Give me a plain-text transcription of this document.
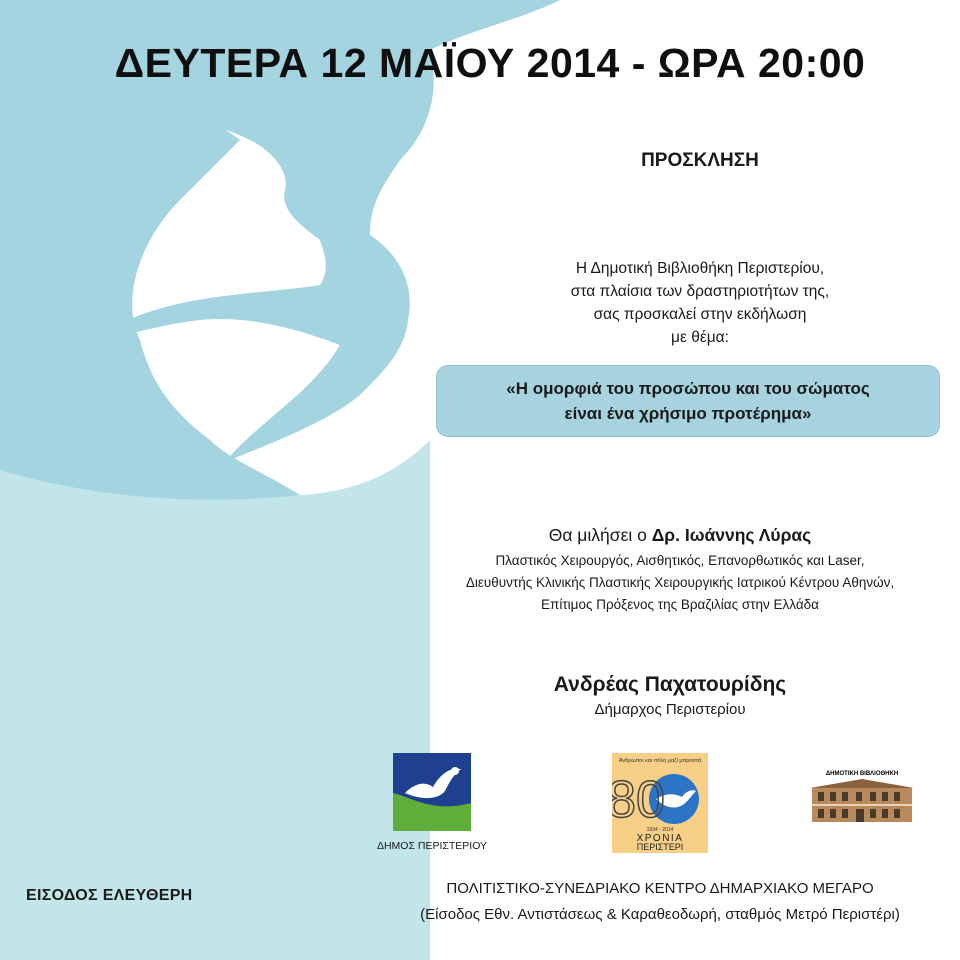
ΔΕΥΤΕΡΑ 12 ΜΑΪΟΥ 2014 - ΩΡΑ 20:00
ΠΡΟΣΚΛΗΣΗ
Η Δημοτική Βιβλιοθήκη Περιστερίου,
στα πλαίσια των δραστηριοτήτων της,
σας προσκαλεί στην εκδήλωση
με θέμα:
«Η ομορφιά του προσώπου και του σώματος
είναι ένα χρήσιμο προτέρημα»
Θα μιλήσει ο Δρ. Ιωάννης Λύρας
Πλαστικός Χειρουργός, Αισθητικός, Επανορθωτικός και Laser,
Διευθυντής Κλινικής Πλαστικής Χειρουργικής Ιατρικού Κέντρου Αθηνών,
Επίτιμος Πρόξενος της Βραζιλίας στην Ελλάδα
Ανδρέας Παχατουρίδης
Δήμαρχος Περιστερίου
ΔΗΜΟΣ ΠΕΡΙΣΤΕΡΙΟΥ
Άνθρωποι και πόλη μαζί μπροστά
80
1934 - 2014
ΧΡΟΝΙΑ
ΠΕΡΙΣΤΕΡΙ
ΔΗΜΟΤΙΚΗ ΒΙΒΛΙΟΘΗΚΗ
ΕΙΣΟΔΟΣ ΕΛΕΥΘΕΡΗ	ΠΟΛΙΤΙΣΤΙΚΟ-ΣΥΝΕΔΡΙΑΚΟ ΚΕΝΤΡΟ ΔΗΜΑΡΧΙΑΚΟ ΜΕΓΑΡΟ
(Είσοδος Εθν. Αντιστάσεως & Καραθεοδωρή, σταθμός Μετρό Περιστέρι)
